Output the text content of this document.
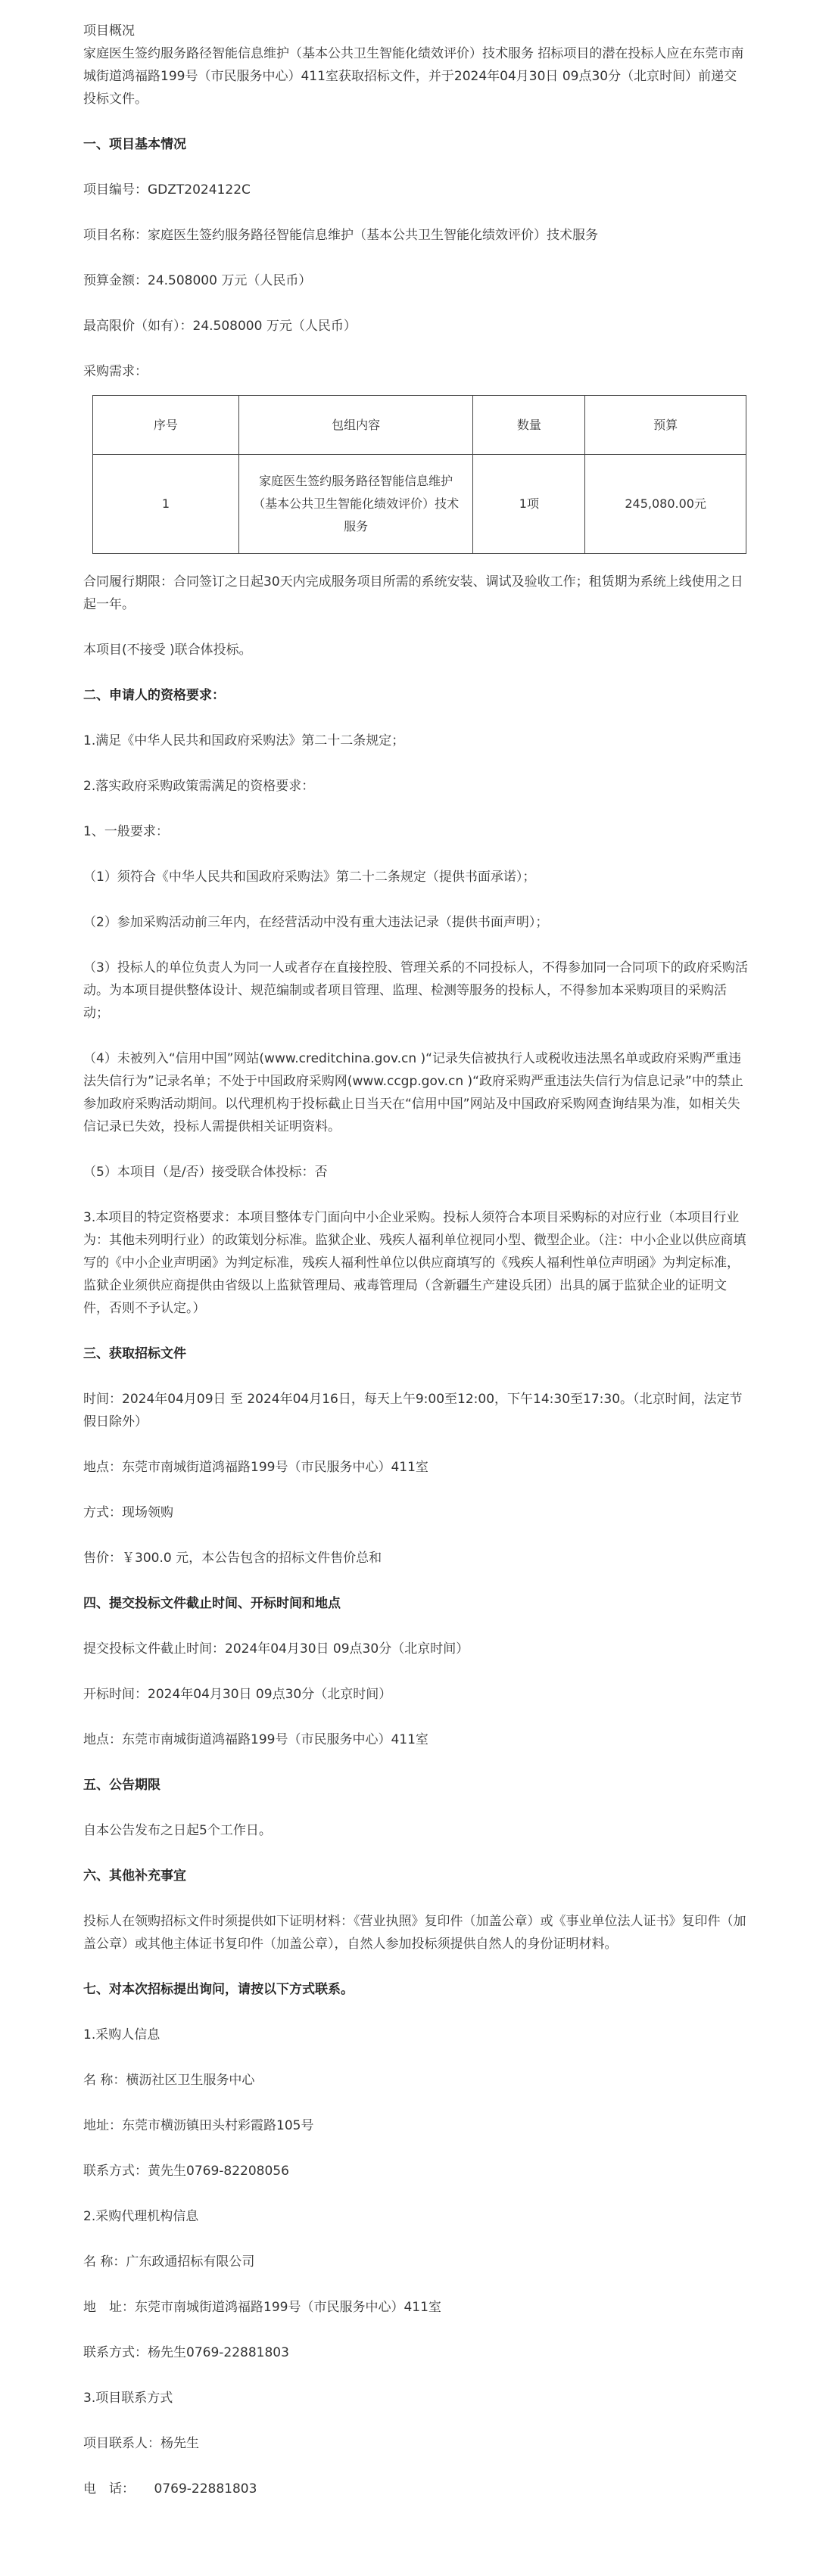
项目概况

家庭医生签约服务路径智能信息维护（基本公共卫生智能化绩效评价）技术服务 招标项目的潜在投标人应在东莞市南城街道鸿福路199号（市民服务中心）411室获取招标文件，并于2024年04月30日 09点30分（北京时间）前递交投标文件。

一、项目基本情况

项目编号：GDZT2024122C

项目名称：家庭医生签约服务路径智能信息维护（基本公共卫生智能化绩效评价）技术服务

预算金额：24.508000 万元（人民币）

最高限价（如有）：24.508000 万元（人民币）

采购需求：

序号	包组内容	数量	预算
1	家庭医生签约服务路径智能信息维护（基本公共卫生智能化绩效评价）技术服务	1项	245,080.00元

合同履行期限：合同签订之日起30天内完成服务项目所需的系统安装、调试及验收工作；租赁期为系统上线使用之日起一年。

本项目(不接受 )联合体投标。

二、申请人的资格要求：

1.满足《中华人民共和国政府采购法》第二十二条规定；

2.落实政府采购政策需满足的资格要求：

1、一般要求：

（1）须符合《中华人民共和国政府采购法》第二十二条规定（提供书面承诺）；

（2）参加采购活动前三年内，在经营活动中没有重大违法记录（提供书面声明）；

（3）投标人的单位负责人为同一人或者存在直接控股、管理关系的不同投标人，不得参加同一合同项下的政府采购活动。为本项目提供整体设计、规范编制或者项目管理、监理、检测等服务的投标人，不得参加本采购项目的采购活动；

（4）未被列入“信用中国”网站(www.creditchina.gov.cn )“记录失信被执行人或税收违法黑名单或政府采购严重违法失信行为”记录名单；不处于中国政府采购网(www.ccgp.gov.cn )“政府采购严重违法失信行为信息记录”中的禁止参加政府采购活动期间。以代理机构于投标截止日当天在“信用中国”网站及中国政府采购网查询结果为准，如相关失信记录已失效，投标人需提供相关证明资料。

（5）本项目（是/否）接受联合体投标：否

3.本项目的特定资格要求：本项目整体专门面向中小企业采购。投标人须符合本项目采购标的对应行业（本项目行业为：其他未列明行业）的政策划分标准。监狱企业、残疾人福利单位视同小型、微型企业。（注：中小企业以供应商填写的《中小企业声明函》为判定标准，残疾人福利性单位以供应商填写的《残疾人福利性单位声明函》为判定标准，监狱企业须供应商提供由省级以上监狱管理局、戒毒管理局（含新疆生产建设兵团）出具的属于监狱企业的证明文件，否则不予认定。）

三、获取招标文件

时间：2024年04月09日 至 2024年04月16日，每天上午9:00至12:00，下午14:30至17:30。（北京时间，法定节假日除外）

地点：东莞市南城街道鸿福路199号（市民服务中心）411室

方式：现场领购

售价：￥300.0 元，本公告包含的招标文件售价总和

四、提交投标文件截止时间、开标时间和地点

提交投标文件截止时间：2024年04月30日 09点30分（北京时间）

开标时间：2024年04月30日 09点30分（北京时间）

地点：东莞市南城街道鸿福路199号（市民服务中心）411室

五、公告期限

自本公告发布之日起5个工作日。

六、其他补充事宜

投标人在领购招标文件时须提供如下证明材料：《营业执照》复印件（加盖公章）或《事业单位法人证书》复印件（加盖公章）或其他主体证书复印件（加盖公章），自然人参加投标须提供自然人的身份证明材料。

七、对本次招标提出询问，请按以下方式联系。

1.采购人信息

名 称：横沥社区卫生服务中心

地址：东莞市横沥镇田头村彩霞路105号

联系方式：黄先生0769-82208056

2.采购代理机构信息

名 称：广东政通招标有限公司

地　址：东莞市南城街道鸿福路199号（市民服务中心）411室

联系方式：杨先生0769-22881803

3.项目联系方式

项目联系人：杨先生

电　话：　　0769-22881803
